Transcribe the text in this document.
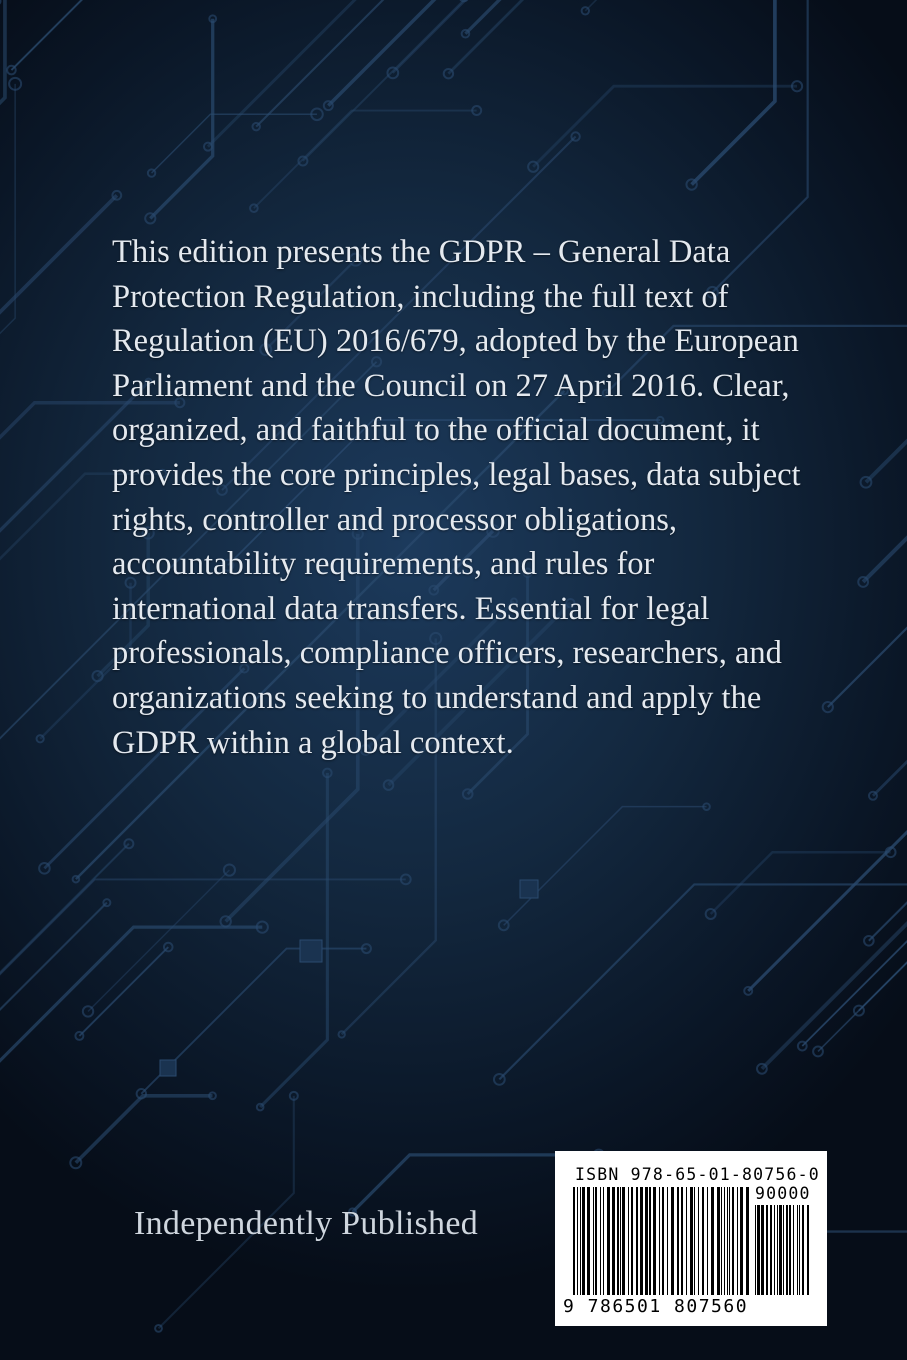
This edition presents the GDPR – General Data Protection Regulation, including the full text of Regulation (EU) 2016/679, adopted by the European Parliament and the Council on 27 April 2016. Clear, organized, and faithful to the official document, it provides the core principles, legal bases, data subject rights, controller and processor obligations, accountability requirements, and rules for international data transfers. Essential for legal professionals, compliance officers, researchers, and organizations seeking to understand and apply the GDPR within a global context.

Independently Published
ISBN 978-65-01-80756-0
90000
9 786501 807560
